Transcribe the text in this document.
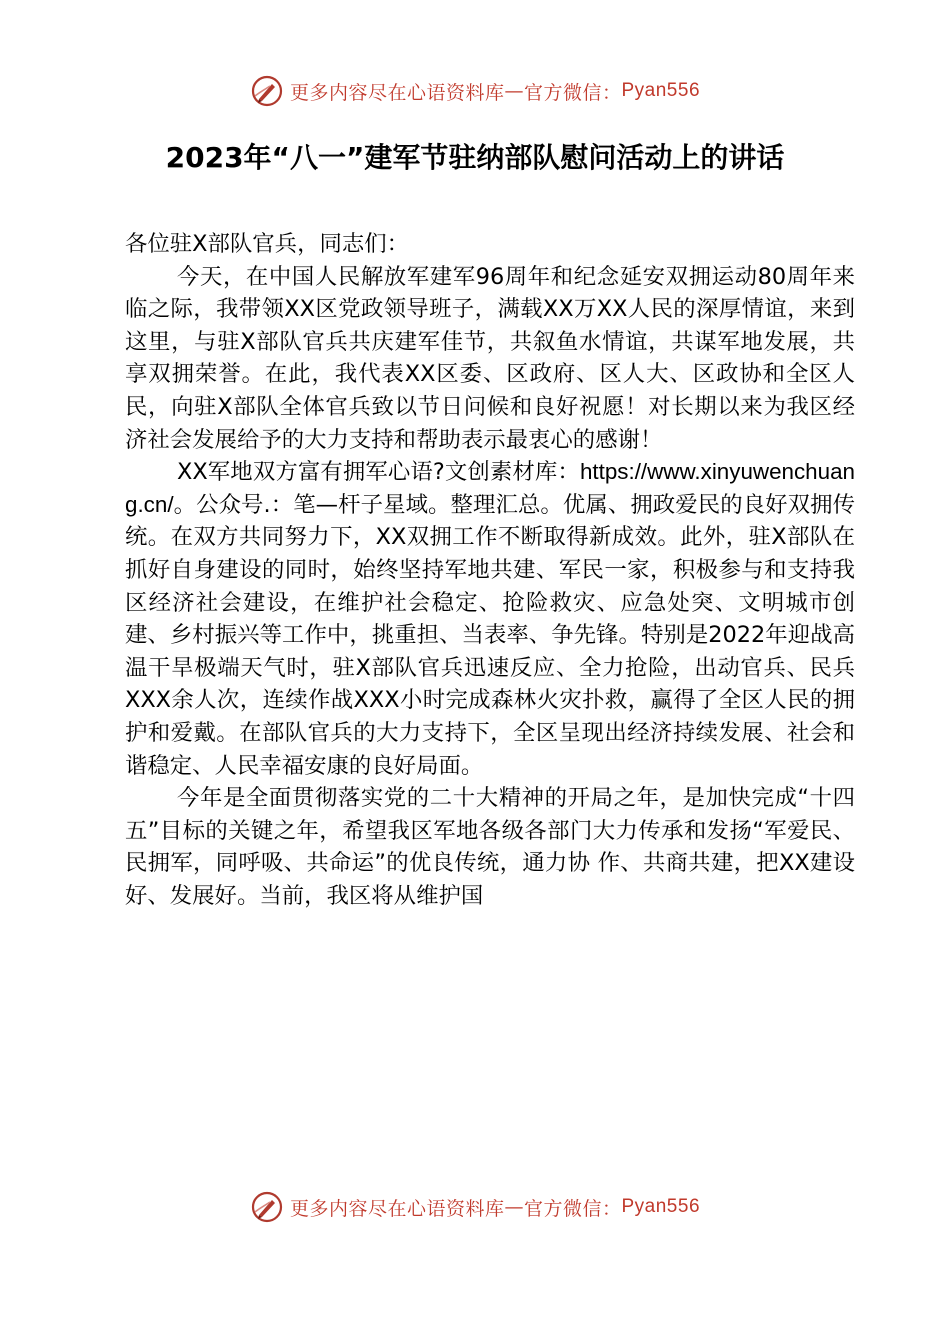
更多内容尽在心语资料库 — 官方微信： Pyan556
2023年“八一”建军节驻纳部队慰问活动上的讲话

各位驻X部队官兵，同志们：

今天，在中国人民解放军建军96周年和纪念延安双拥运动80周年来临之际，我带领XX区党政领导班子，满载XX万XX人民的深厚情谊，来到这里，与驻X部队官兵共庆建军佳节，共叙鱼水情谊，共谋军地发展，共享双拥荣誉。在此，我代表XX区委、区政府、区人大、区政协和全区人民，向驻X部队全体官兵致以节日问候和良好祝愿！对长期以来为我区经济社会发展给予的大力支持和帮助表示最衷心的感谢！

XX军地双方富有拥军心语?文创素材库：https://www.xinyuwenchuang.cn/。公众号.：笔—杆子星域。整理汇总。优属、拥政爱民的良好双拥传统。在双方共同努力下，XX双拥工作不断取得新成效。此外，驻X部队在抓好自身建设的同时，始终坚持军地共建、军民一家，积极参与和支持我区经济社会建设，在维护社会稳定、抢险救灾、应急处突、文明城市创建、乡村振兴等工作中，挑重担、当表率、争先锋。特别是2022年迎战高温干旱极端天气时，驻X部队官兵迅速反应、全力抢险，出动官兵、民兵XXX余人次，连续作战XXX小时完成森林火灾扑救，赢得了全区人民的拥护和爱戴。在部队官兵的大力支持下，全区呈现出经济持续发展、社会和谐稳定、人民幸福安康的良好局面。

今年是全面贯彻落实党的二十大精神的开局之年，是加快完成“十四五”目标的关键之年，希望我区军地各级各部门大力传承和发扬“军爱民、民拥军，同呼吸、共命运”的优良传统，通力协 作、共商共建，把XX建设好、发展好。当前，我区将从维护国

更多内容尽在心语资料库 — 官方微信： Pyan556
